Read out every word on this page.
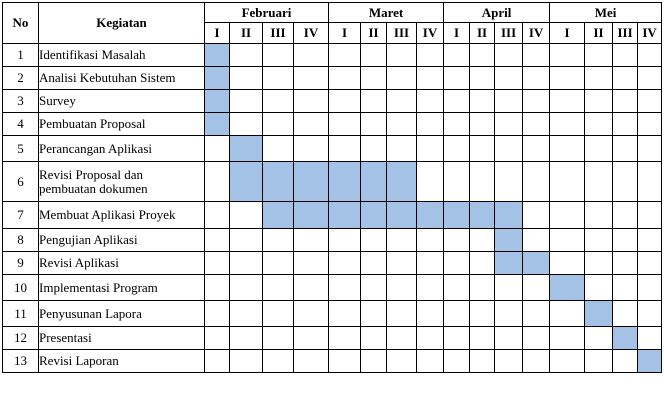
No	Kegiatan	Februari				Maret				April				Mei			
		I	II	III	IV	I	II	III	IV	I	II	III	IV	I	II	III	IV
1	Identifikasi Masalah																
2	Analisi Kebutuhan Sistem																
3	Survey																
4	Pembuatan Proposal																
5	Perancangan Aplikasi																
6	Revisi Proposal dan
pembuatan dokumen																
7	Membuat Aplikasi Proyek																
8	Pengujian Aplikasi																
9	Revisi Aplikasi																
10	Implementasi Program																
11	Penyusunan Lapora																
12	Presentasi																
13	Revisi Laporan																
